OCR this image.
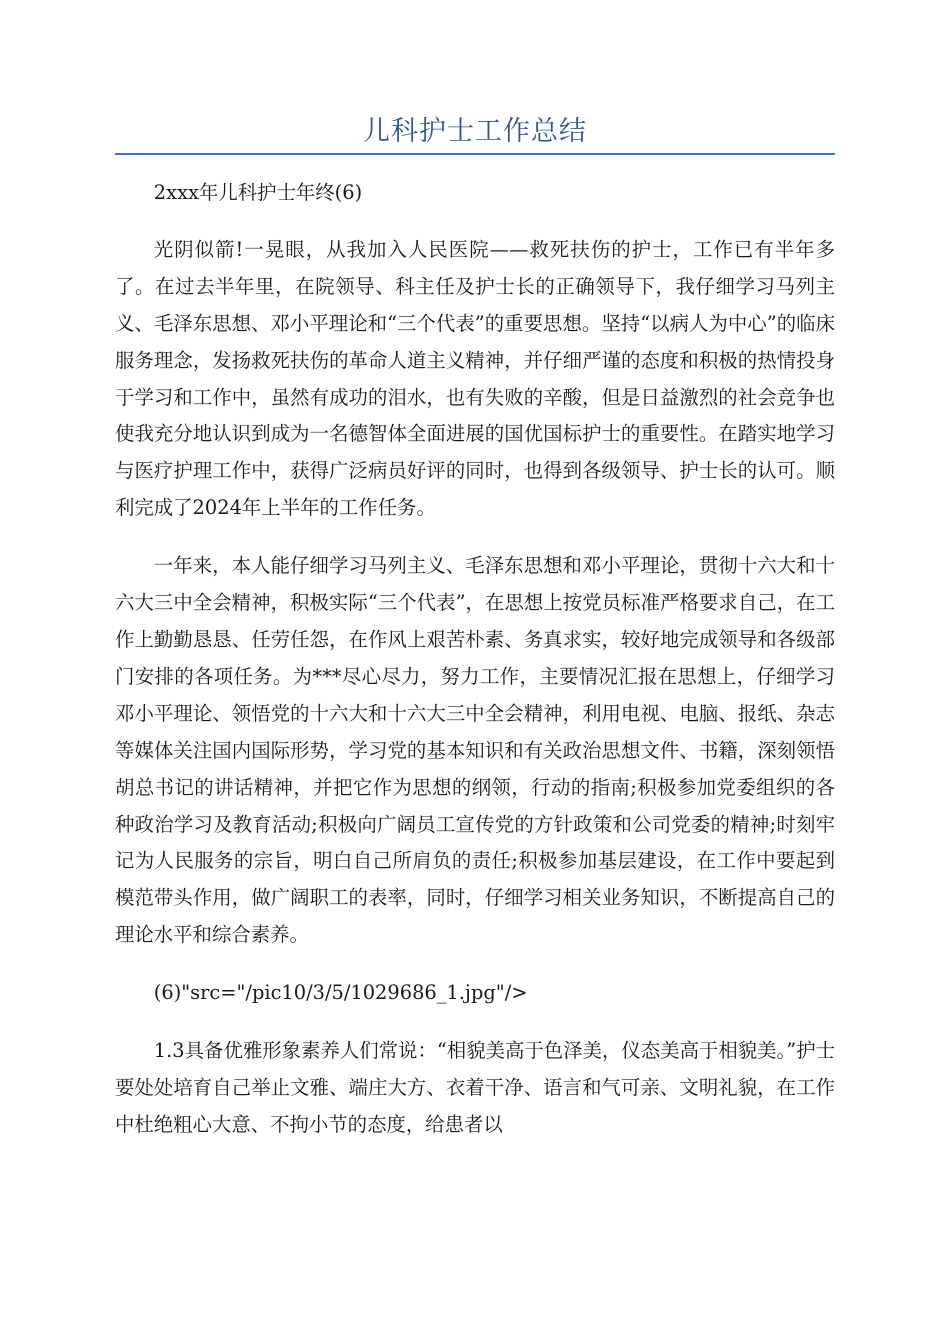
儿科护士工作总结

2xxx年儿科护士年终(6)

光阴似箭!一晃眼，从我加入人民医院——救死扶伤的护士，工作已有半年多了。在过去半年里，在院领导、科主任及护士长的正确领导下，我仔细学习马列主义、毛泽东思想、邓小平理论和“三个代表”的重要思想。坚持“以病人为中心”的临床服务理念，发扬救死扶伤的革命人道主义精神，并仔细严谨的态度和积极的热情投身于学习和工作中，虽然有成功的泪水，也有失败的辛酸，但是日益激烈的社会竞争也使我充分地认识到成为一名德智体全面进展的国优国标护士的重要性。在踏实地学习与医疗护理工作中，获得广泛病员好评的同时，也得到各级领导、护士长的认可。顺利完成了2024年上半年的工作任务。

一年来，本人能仔细学习马列主义、毛泽东思想和邓小平理论，贯彻十六大和十六大三中全会精神，积极实际“三个代表”，在思想上按党员标准严格要求自己，在工作上勤勤恳恳、任劳任怨，在作风上艰苦朴素、务真求实，较好地完成领导和各级部门安排的各项任务。为***尽心尽力，努力工作，主要情况汇报在思想上，仔细学习邓小平理论、领悟党的十六大和十六大三中全会精神，利用电视、电脑、报纸、杂志等媒体关注国内国际形势，学习党的基本知识和有关政治思想文件、书籍，深刻领悟胡总书记的讲话精神，并把它作为思想的纲领，行动的指南;积极参加党委组织的各种政治学习及教育活动;积极向广阔员工宣传党的方针政策和公司党委的精神;时刻牢记为人民服务的宗旨，明白自己所肩负的责任;积极参加基层建设，在工作中要起到模范带头作用，做广阔职工的表率，同时，仔细学习相关业务知识，不断提高自己的理论水平和综合素养。

(6)"src="/pic10/3/5/1029686_1.jpg"/>

1.3具备优雅形象素养人们常说：“相貌美高于色泽美，仪态美高于相貌美。”护士要处处培育自己举止文雅、端庄大方、衣着干净、语言和气可亲、文明礼貌，在工作中杜绝粗心大意、不拘小节的态度，给患者以
